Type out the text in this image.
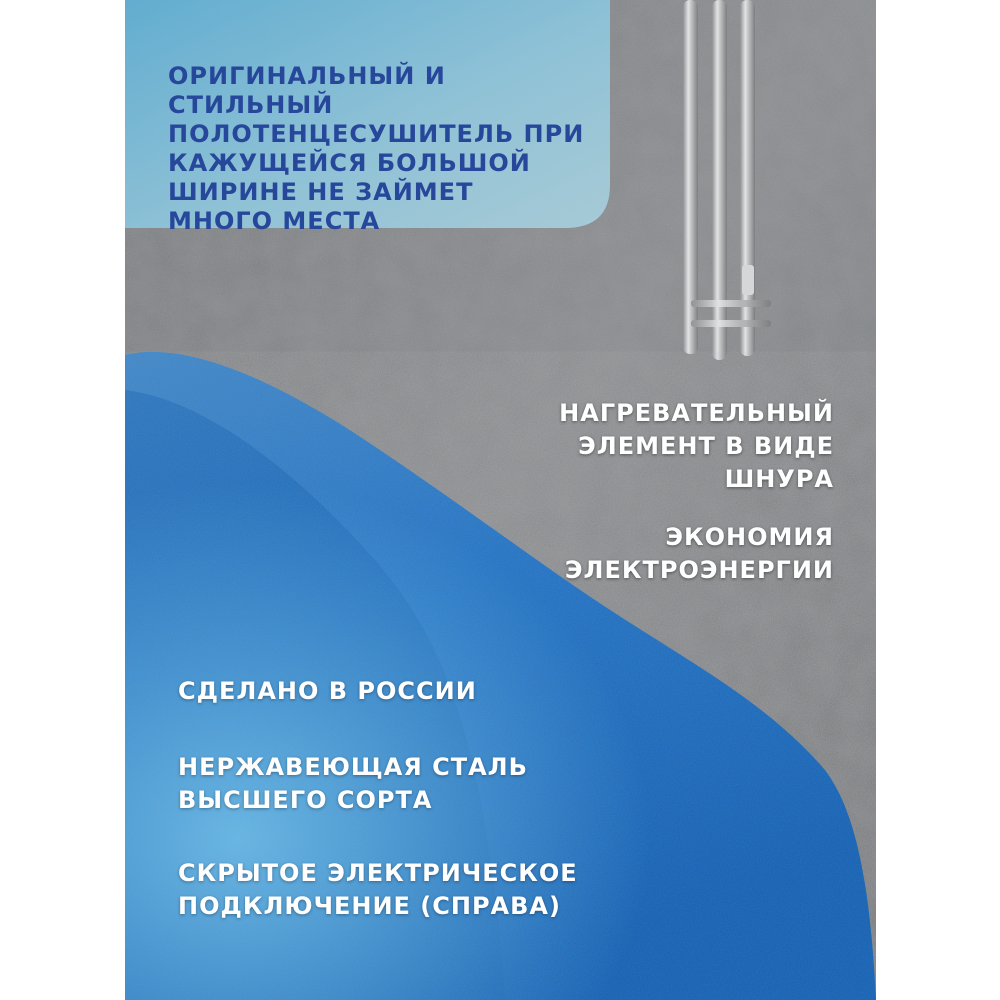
ОРИГИНАЛЬНЫЙ И СТИЛЬНЫЙ
ПОЛОТЕНЦЕСУШИТЕЛЬ ПРИ
КАЖУЩЕЙСЯ БОЛЬШОЙ
ШИРИНЕ НЕ ЗАЙМЕТ
МНОГО МЕСТА
НАГРЕВАТЕЛЬНЫЙ
ЭЛЕМЕНТ В ВИДЕ
ШНУРА
ЭКОНОМИЯ
ЭЛЕКТРОЭНЕРГИИ
СДЕЛАНО В РОССИИ
НЕРЖАВЕЮЩАЯ СТАЛЬ
ВЫСШЕГО СОРТА
СКРЫТОЕ ЭЛЕКТРИЧЕСКОЕ
ПОДКЛЮЧЕНИЕ (СПРАВА)
